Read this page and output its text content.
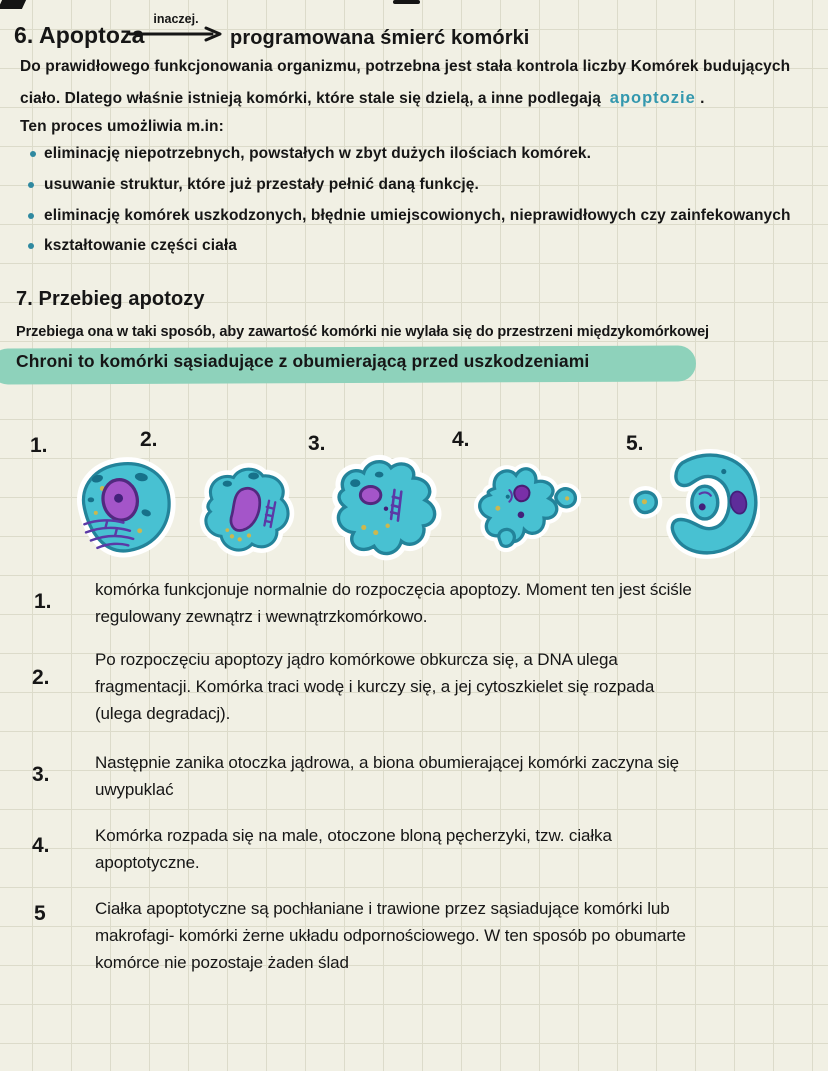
6. Apoptoza
inaczej.
programowana śmierć komórki
Do prawidłowego funkcjonowania organizmu, potrzebna jest stała kontrola liczby Komórek budujących
ciało. Dlatego właśnie istnieją komórki, które stale się dzielą, a inne podlegają apoptozie .
Ten proces umożliwia m.in:
eliminację niepotrzebnych, powstałych w zbyt dużych ilościach komórek.
usuwanie struktur, które już przestały pełnić daną funkcję.
eliminację komórek uszkodzonych, błędnie umiejscowionych, nieprawidłowych czy zainfekowanych
kształtowanie części ciała
7. Przebieg apotozy
Przebiega ona w taki sposób, aby zawartość komórki nie wylała się do przestrzeni międzykomórkowej
Chroni to komórki sąsiadujące z obumierającą przed uszkodzeniami
1.	2.	3.	4.	5.
1.
komórka funkcjonuje normalnie do rozpoczęcia apoptozy. Moment ten jest ściśle
regulowany zewnątrz i wewnątrzkomórkowo.
2.
Po rozpoczęciu apoptozy jądro komórkowe obkurcza się, a DNA ulega
fragmentacji. Komórka traci wodę i kurczy się, a jej cytoszkielet się rozpada
(ulega degradacj).
3.
Następnie zanika otoczka jądrowa, a biona obumierającej komórki zaczyna się
uwypuklać
4.	Komórka rozpada się na male, otoczone bloną pęcherzyki, tzw. ciałka
apoptotyczne.
5	Ciałka apoptotyczne są pochłaniane i trawione przez sąsiadujące komórki lub
makrofagi- komórki żerne układu odpornościowego. W ten sposób po obumarte
komórce nie pozostaje żaden ślad
